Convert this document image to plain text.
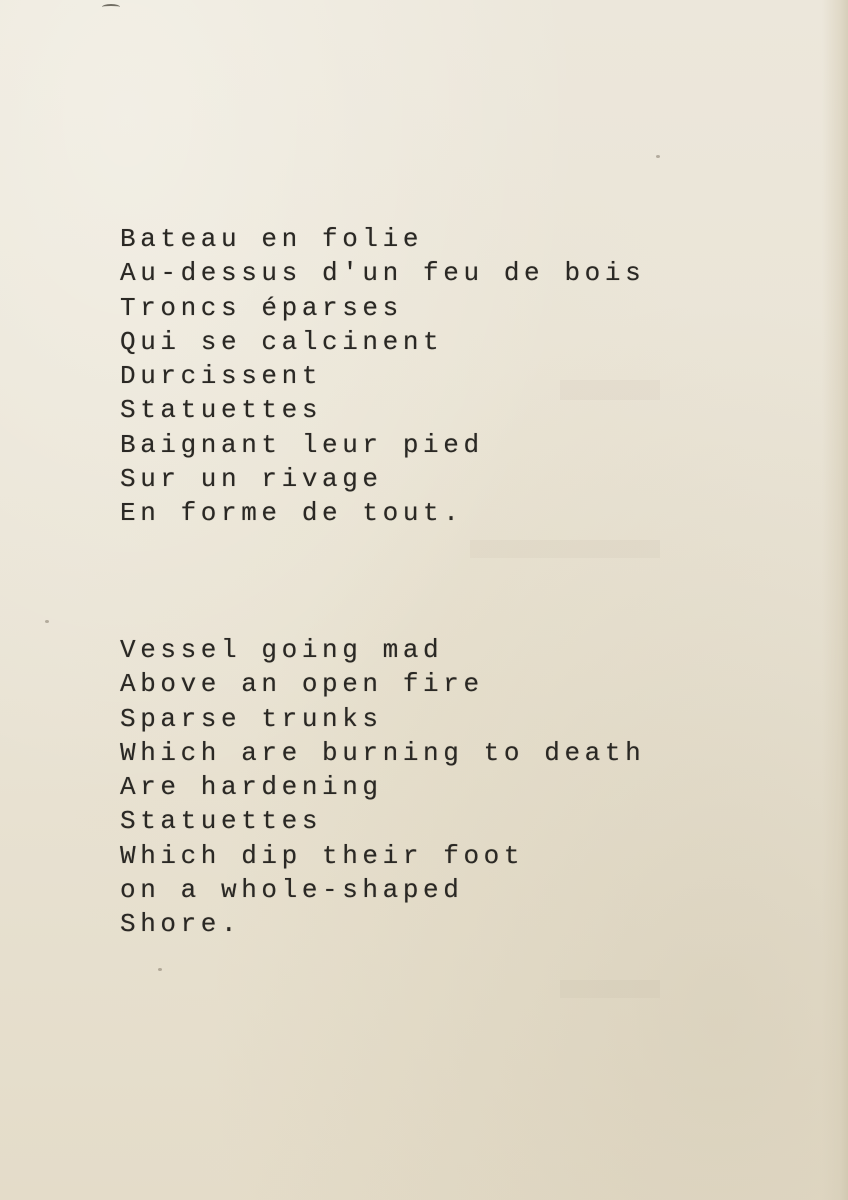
Bateau en folie
Au-dessus d'un feu de bois
Troncs éparses
Qui se calcinent
Durcissent
Statuettes
Baignant leur pied
Sur un rivage
En forme de tout.
Vessel going mad
Above an open fire
Sparse trunks
Which are burning to death
Are hardening
Statuettes
Which dip their foot
on a whole-shaped
Shore.
